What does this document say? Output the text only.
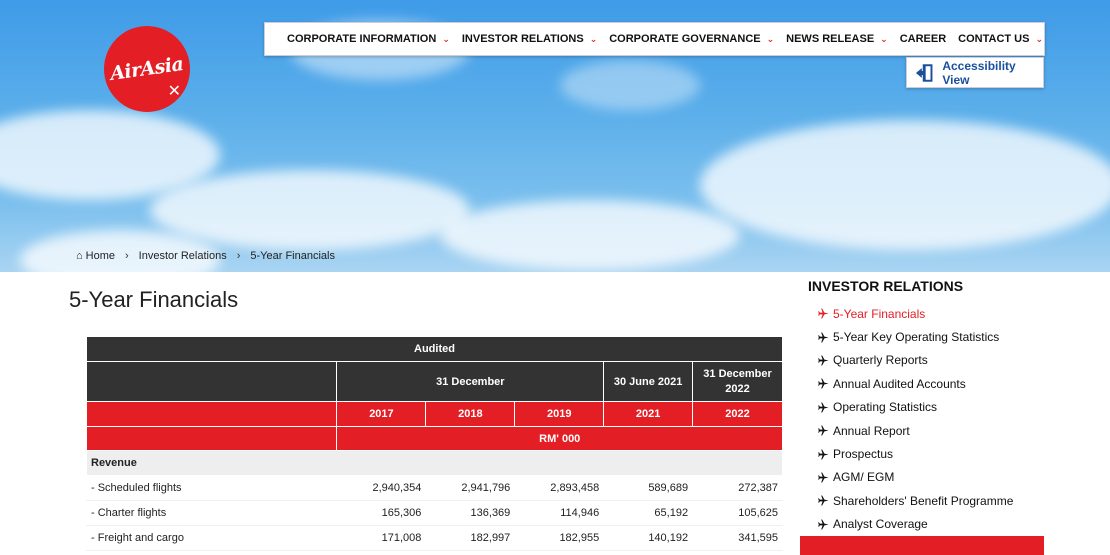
AirAsia
✕
CORPORATE INFORMATION ⌄ INVESTOR RELATIONS ⌄ CORPORATE GOVERNANCE ⌄ NEWS RELEASE ⌄ CAREER CONTACT US ⌄
Accessibility View
⌂ Home › Investor Relations › 5-Year Financials
5-Year Financials
Audited					
	31 December			30 June 2021	31 December 2022
	2017	2018	2019	2021	2022
	RM' 000				
Revenue					
- Scheduled flights	2,940,354	2,941,796	2,893,458	589,689	272,387
- Charter flights	165,306	136,369	114,946	65,192	105,625
- Freight and cargo	171,008	182,997	182,955	140,192	341,595
INVESTOR RELATIONS
5-Year Financials
5-Year Key Operating Statistics
Quarterly Reports
Annual Audited Accounts
Operating Statistics
Annual Report
Prospectus
AGM/ EGM
Shareholders' Benefit Programme
Analyst Coverage
